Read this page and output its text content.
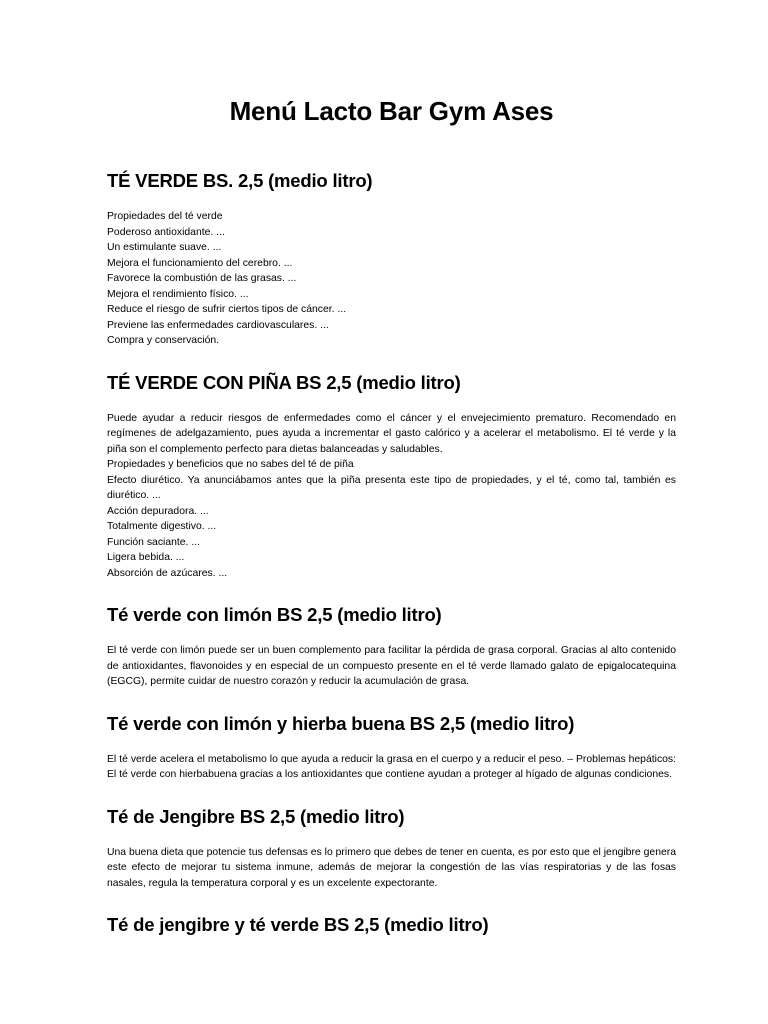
Menú Lacto Bar Gym Ases
TÉ VERDE BS. 2,5 (medio litro)

Propiedades del té verde

Poderoso antioxidante. ...

Un estimulante suave. ...

Mejora el funcionamiento del cerebro. ...

Favorece la combustión de las grasas. ...

Mejora el rendimiento físico. ...

Reduce el riesgo de sufrir ciertos tipos de cáncer. ...

Previene las enfermedades cardiovasculares. ...

Compra y conservación.

TÉ VERDE CON PIÑA BS 2,5 (medio litro)

Puede ayudar a reducir riesgos de enfermedades como el cáncer y el envejecimiento prematuro. Recomendado en regímenes de adelgazamiento, pues ayuda a incrementar el gasto calórico y a acelerar el metabolismo. El té verde y la piña son el complemento perfecto para dietas balanceadas y saludables.

Propiedades y beneficios que no sabes del té de piña

Efecto diurético. Ya anunciábamos antes que la piña presenta este tipo de propiedades, y el té, como tal, también es diurético. ...

Acción depuradora. ...

Totalmente digestivo. ...

Función saciante. ...

Ligera bebida. ...

Absorción de azúcares. ...

Té verde con limón BS 2,5 (medio litro)

El té verde con limón puede ser un buen complemento para facilitar la pérdida de grasa corporal. Gracias al alto contenido de antioxidantes, flavonoides y en especial de un compuesto presente en el té verde llamado galato de epigalocatequina (EGCG), permite cuidar de nuestro corazón y reducir la acumulación de grasa.

Té verde con limón y hierba buena BS 2,5 (medio litro)

El té verde acelera el metabolismo lo que ayuda a reducir la grasa en el cuerpo y a reducir el peso. – Problemas hepáticos: El té verde con hierbabuena gracias a los antioxidantes que contiene ayudan a proteger al hígado de algunas condiciones.

Té de Jengibre BS 2,5 (medio litro)

Una buena dieta que potencie tus defensas es lo primero que debes de tener en cuenta, es por esto que el jengibre genera este efecto de mejorar tu sistema inmune, además de mejorar la congestión de las vías respiratorias y de las fosas nasales, regula la temperatura corporal y es un excelente expectorante.

Té de jengibre y té verde BS 2,5 (medio litro)
